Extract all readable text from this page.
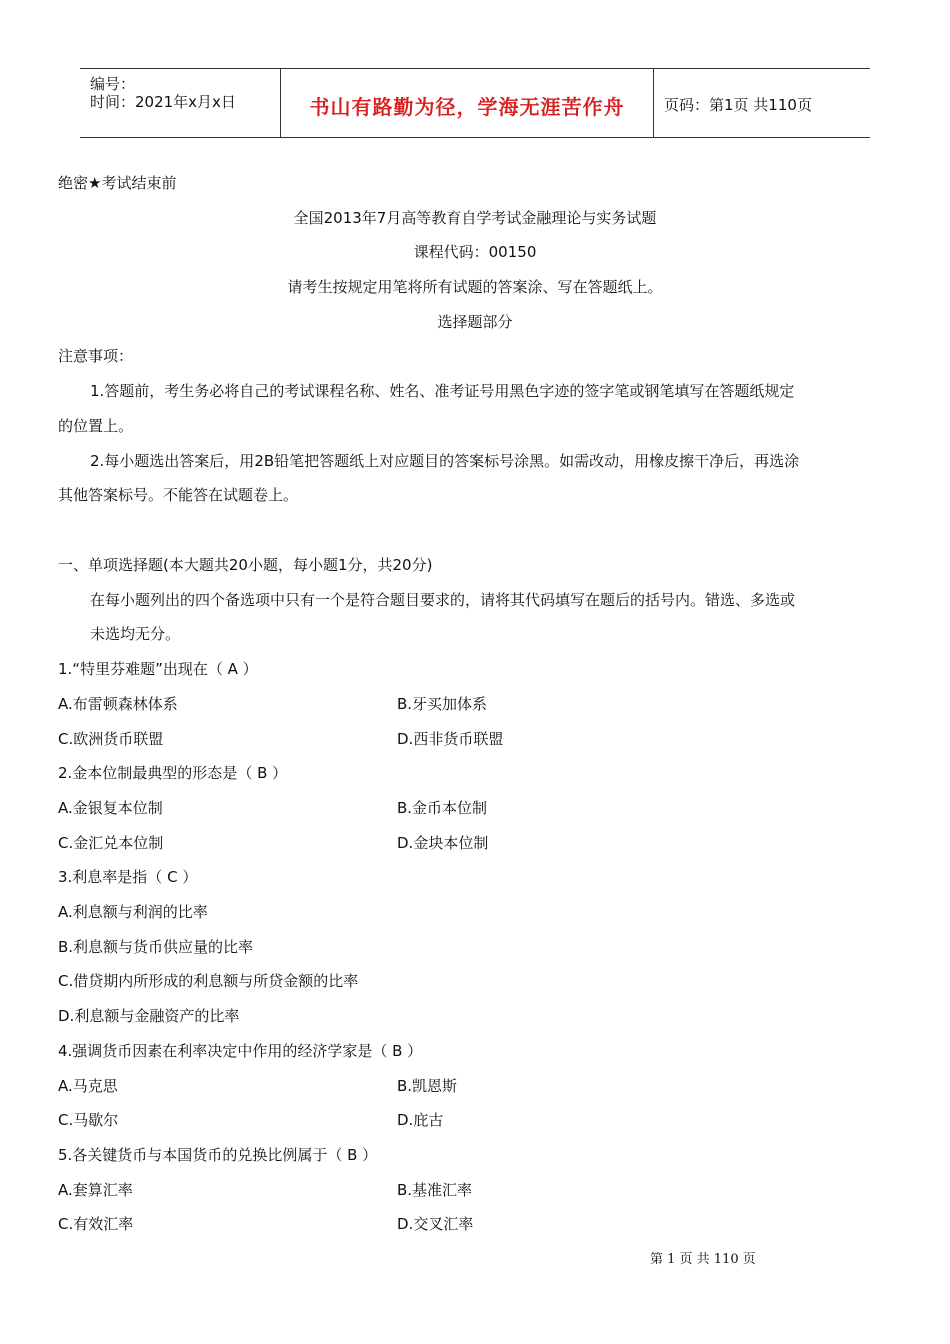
编号：
时间：2021年x月x日	书山有路勤为径，学海无涯苦作舟	页码：第1页 共110页
绝密★考试结束前
全国2013年7月高等教育自学考试金融理论与实务试题
课程代码：00150
请考生按规定用笔将所有试题的答案涂、写在答题纸上。
选择题部分
注意事项：
1.答题前，考生务必将自己的考试课程名称、姓名、准考证号用黑色字迹的签字笔或钢笔填写在答题纸规定
的位置上。
2.每小题选出答案后，用2B铅笔把答题纸上对应题目的答案标号涂黑。如需改动，用橡皮擦干净后，再选涂
其他答案标号。不能答在试题卷上。
一、单项选择题(本大题共20小题，每小题1分，共20分)
在每小题列出的四个备选项中只有一个是符合题目要求的，请将其代码填写在题后的括号内。错选、多选或
未选均无分。
1.“特里芬难题”出现在（ A ）
A.布雷顿森林体系	B.牙买加体系
C.欧洲货币联盟	D.西非货币联盟
2.金本位制最典型的形态是（ B ）
A.金银复本位制	B.金币本位制
C.金汇兑本位制	D.金块本位制
3.利息率是指（ C ）
A.利息额与利润的比率
B.利息额与货币供应量的比率
C.借贷期内所形成的利息额与所贷金额的比率
D.利息额与金融资产的比率
4.强调货币因素在利率决定中作用的经济学家是（ B ）
A.马克思	B.凯恩斯
C.马歇尔	D.庇古
5.各关键货币与本国货币的兑换比例属于（ B ）
A.套算汇率	B.基准汇率
C.有效汇率	D.交叉汇率
第 1 页 共 110 页
